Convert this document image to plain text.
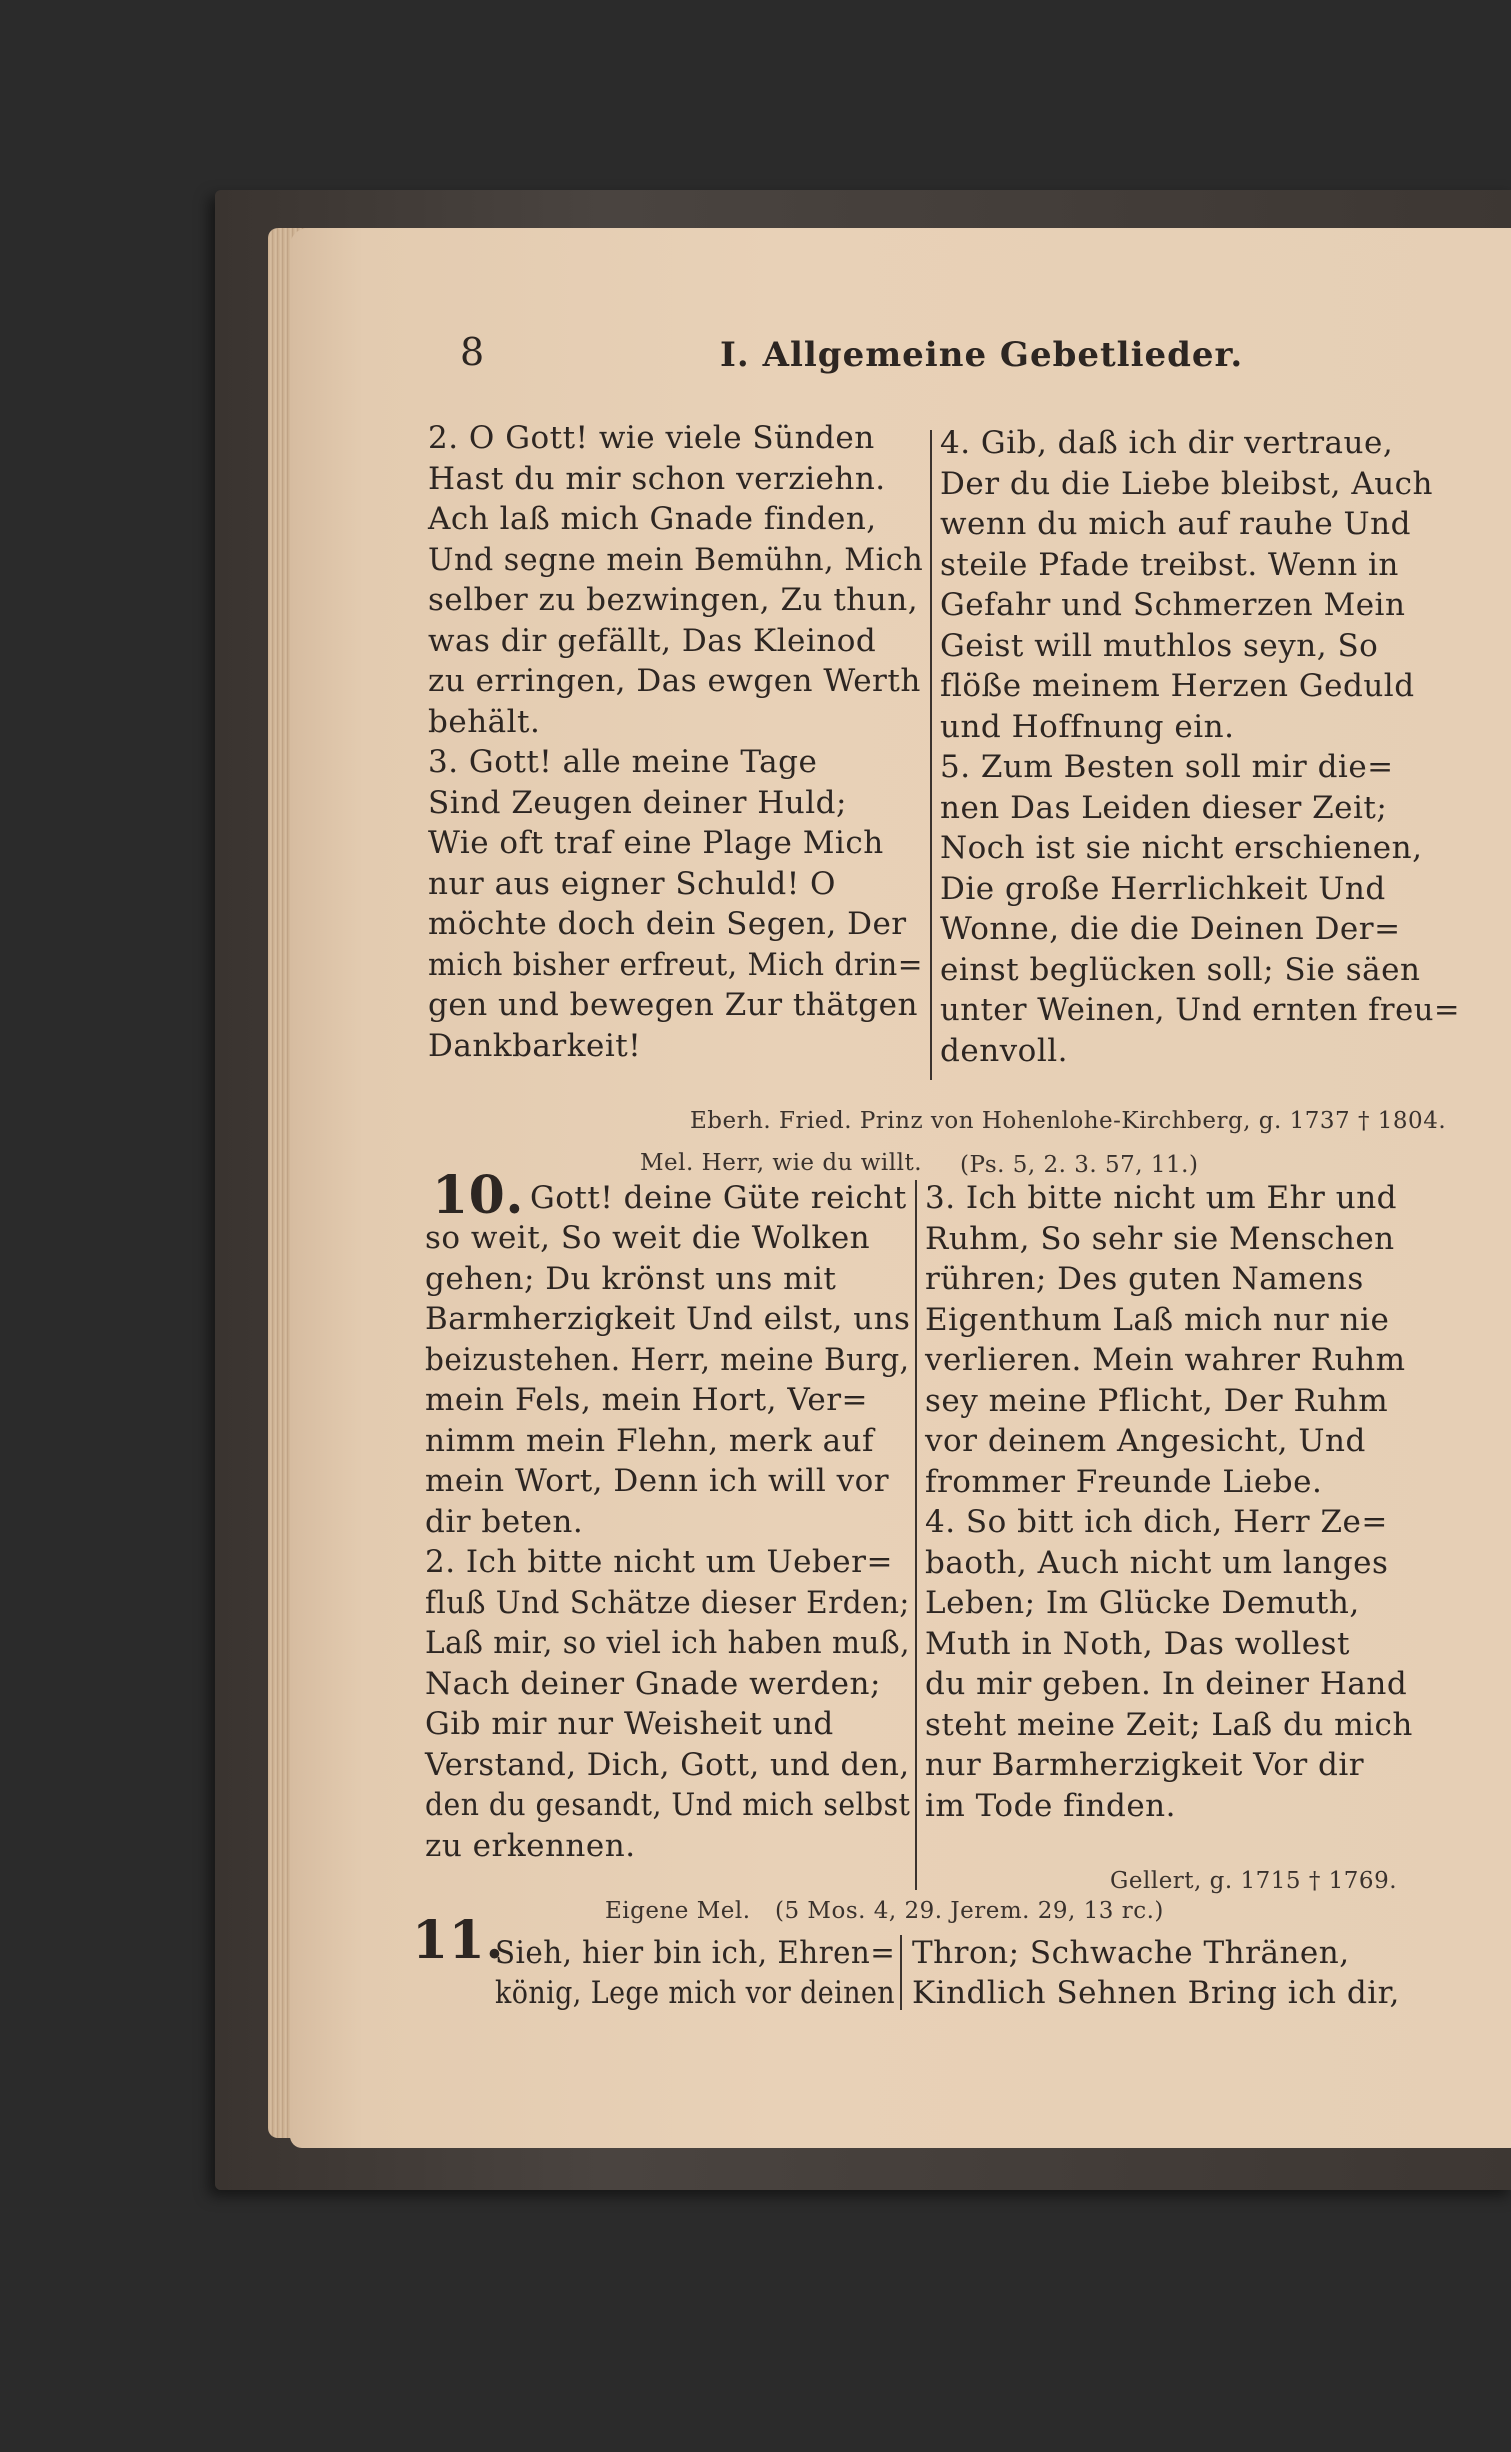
8	I. Allgemeine Gebetlieder.
2. O Gott! wie viele Sünden
Hast du mir schon verziehn.
Ach laß mich Gnade finden,
Und segne mein Bemühn, Mich
selber zu bezwingen, Zu thun,
was dir gefällt, Das Kleinod
zu erringen, Das ewgen Werth
behält.
3. Gott! alle meine Tage
Sind Zeugen deiner Huld;
Wie oft traf eine Plage Mich
nur aus eigner Schuld! O
möchte doch dein Segen, Der
mich bisher erfreut, Mich drin=
gen und bewegen Zur thätgen
Dankbarkeit!
4. Gib, daß ich dir vertraue,
Der du die Liebe bleibst, Auch
wenn du mich auf rauhe Und
steile Pfade treibst. Wenn in
Gefahr und Schmerzen Mein
Geist will muthlos seyn, So
flöße meinem Herzen Geduld
und Hoffnung ein.
5. Zum Besten soll mir die=
nen Das Leiden dieser Zeit;
Noch ist sie nicht erschienen,
Die große Herrlichkeit Und
Wonne, die die Deinen Der=
einst beglücken soll; Sie säen
unter Weinen, Und ernten freu=
denvoll.
Eberh. Fried. Prinz von Hohenlohe-Kirchberg, g. 1737 † 1804.
Mel. Herr, wie du willt. (Ps. 5, 2. 3. 57, 11.)
10. Gott! deine Güte reicht
so weit, So weit die Wolken
gehen; Du krönst uns mit
Barmherzigkeit Und eilst, uns
beizustehen. Herr, meine Burg,
mein Fels, mein Hort, Ver=
nimm mein Flehn, merk auf
mein Wort, Denn ich will vor
dir beten.
2. Ich bitte nicht um Ueber=
fluß Und Schätze dieser Erden;
Laß mir, so viel ich haben muß,
Nach deiner Gnade werden;
Gib mir nur Weisheit und
Verstand, Dich, Gott, und den,
den du gesandt, Und mich selbst
zu erkennen.
3. Ich bitte nicht um Ehr und
Ruhm, So sehr sie Menschen
rühren; Des guten Namens
Eigenthum Laß mich nur nie
verlieren. Mein wahrer Ruhm
sey meine Pflicht, Der Ruhm
vor deinem Angesicht, Und
frommer Freunde Liebe.
4. So bitt ich dich, Herr Ze=
baoth, Auch nicht um langes
Leben; Im Glücke Demuth,
Muth in Noth, Das wollest
du mir geben. In deiner Hand
steht meine Zeit; Laß du mich
nur Barmherzigkeit Vor dir
im Tode finden.
Gellert, g. 1715 † 1769.
Eigene Mel. (5 Mos. 4, 29. Jerem. 29, 13 rc.)
11.
Sieh, hier bin ich, Ehren=
könig, Lege mich vor deinen
Thron; Schwache Thränen,
Kindlich Sehnen Bring ich dir,
